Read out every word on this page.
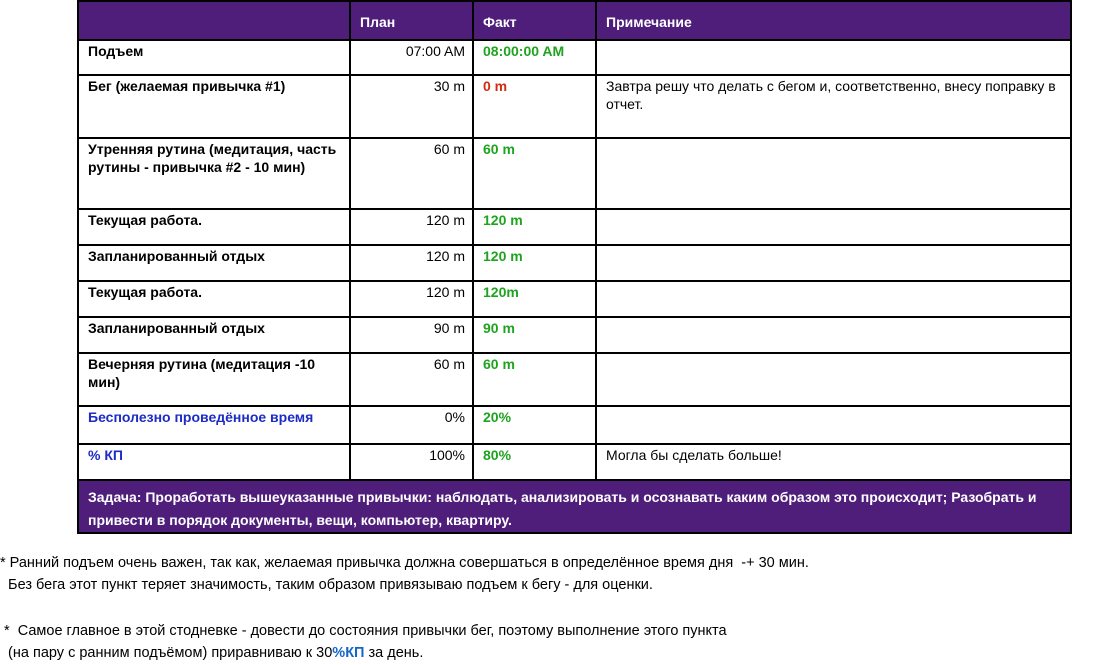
	План	Факт	Примечание
Подъем	07:00 AM	08:00:00 AM	
Бег (желаемая привычка #1)	30 m	0 m	Завтра решу что делать с бегом и, соответственно, внесу поправку в отчет.
Утренняя рутина (медитация, часть рутины - привычка #2 - 10 мин)	60 m	60 m	
Текущая работа.	120 m	120 m	
Запланированный отдых	120 m	120 m	
Текущая работа.	120 m	120m	
Запланированный отдых	90 m	90 m	
Вечерняя рутина (медитация -10 мин)	60 m	60 m	
Бесполезно проведённое время	0%	20%	
% КП	100%	80%	Могла бы сделать больше!
Задача: Проработать вышеуказанные привычки: наблюдать, анализировать и осознавать каким образом это происходит; Разобрать и привести в порядок документы, вещи, компьютер, квартиру.			
* Ранний подъем очень важен, так как, желаемая привычка должна совершаться в определённое время дня  -+ 30 мин.
Без бега этот пункт теряет значимость, таким образом привязываю подъем к бегу - для оценки.
*  Самое главное в этой стодневке - довести до состояния привычки бег, поэтому выполнение этого пункта
(на пару с ранним подъёмом) приравниваю к 30%КП за день.
